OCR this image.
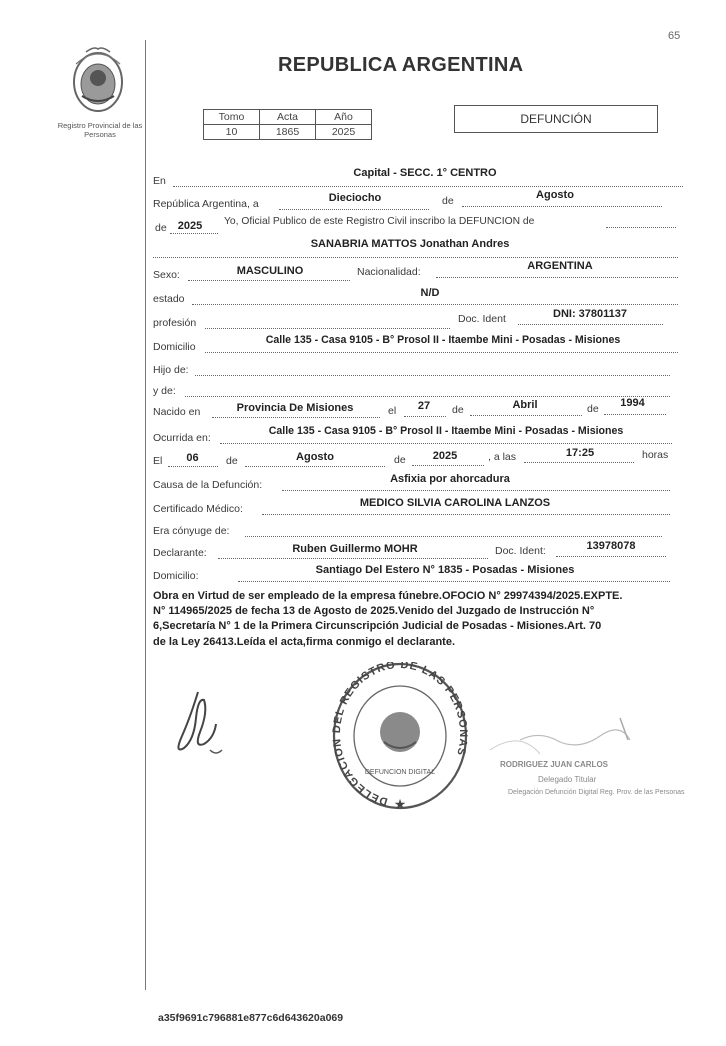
65
Registro Provincial de las Personas
REPUBLICA ARGENTINA
Tomo	Acta	Año
10	1865	2025
DEFUNCIÓN
En
Capital - SECC. 1° CENTRO
República Argentina, a	Dieciocho	de	Agosto
de	2025	Yo, Oficial Publico de este Registro Civil inscribo la DEFUNCION de
SANABRIA MATTOS Jonathan Andres
Sexo:	MASCULINO	Nacionalidad:	ARGENTINA
estado	N/D
profesión	Doc. Ident	DNI: 37801137
Domicilio
Calle 135 - Casa 9105 - B° Prosol II - Itaembe Mini - Posadas - Misiones
Hijo de:
y de:
Nacido en	Provincia De Misiones	el	27	de	Abril	de	1994
Ocurrida en:
Calle 135 - Casa 9105 - B° Prosol II - Itaembe Mini - Posadas - Misiones
El	06	de	Agosto	de	2025	, a las	17:25	horas
Causa de la Defunción:	Asfixia por ahorcadura
Certificado Médico:	MEDICO SILVIA CAROLINA LANZOS
Era cónyuge de:
Declarante:	Ruben Guillermo MOHR	Doc. Ident:	13978078
Domicilio:	Santiago Del Estero N° 1835 - Posadas - Misiones
Obra en Virtud de ser empleado de la empresa fúnebre.OFOCIO N° 29974394/2025.EXPTE.
N° 114965/2025 de fecha 13 de Agosto de 2025.Venido del Juzgado de Instrucción N°
6,Secretaría N° 1 de la Primera Circunscripción Judicial de Posadas - Misiones.Art. 70
de la Ley 26413.Leída el acta,firma conmigo el declarante.
DELEGACION DEL REGISTRO DE LAS PERSONAS
DEFUNCION DIGITAL
★
RODRIGUEZ JUAN CARLOS
Delegado Titular
Delegación Defunción Digital Reg. Prov. de las Personas
a35f9691c796881e877c6d643620a069
